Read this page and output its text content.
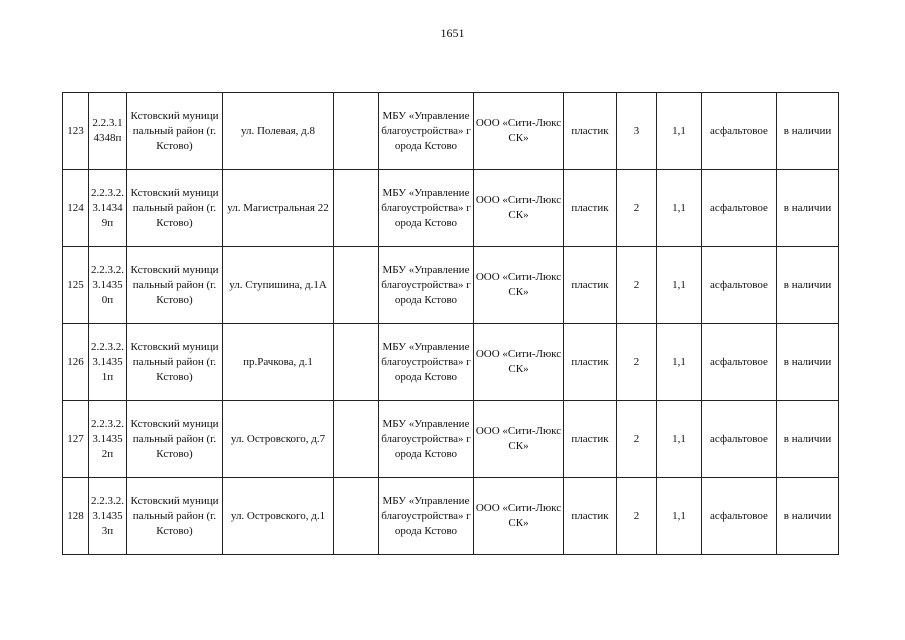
1651
123	2.2.3.14348п	Кстовский муниципальный район (г. Кстово)	ул. Полевая, д.8		МБУ «Управление благоустройства» города Кстово	ООО «Сити-Люкс СК»	пластик	3	1,1	асфальтовое	в наличии
124	2.2.3.2.3.14349п	Кстовский муниципальный район (г. Кстово)	ул. Магистральная 22		МБУ «Управление благоустройства» города Кстово	ООО «Сити-Люкс СК»	пластик	2	1,1	асфальтовое	в наличии
125	2.2.3.2.3.14350п	Кстовский муниципальный район (г. Кстово)	ул. Ступишина, д.1А		МБУ «Управление благоустройства» города Кстово	ООО «Сити-Люкс СК»	пластик	2	1,1	асфальтовое	в наличии
126	2.2.3.2.3.14351п	Кстовский муниципальный район (г. Кстово)	пр.Рачкова, д.1		МБУ «Управление благоустройства» города Кстово	ООО «Сити-Люкс СК»	пластик	2	1,1	асфальтовое	в наличии
127	2.2.3.2.3.14352п	Кстовский муниципальный район (г. Кстово)	ул. Островского, д.7		МБУ «Управление благоустройства» города Кстово	ООО «Сити-Люкс СК»	пластик	2	1,1	асфальтовое	в наличии
128	2.2.3.2.3.14353п	Кстовский муниципальный район (г. Кстово)	ул. Островского, д.1		МБУ «Управление благоустройства» города Кстово	ООО «Сити-Люкс СК»	пластик	2	1,1	асфальтовое	в наличии
